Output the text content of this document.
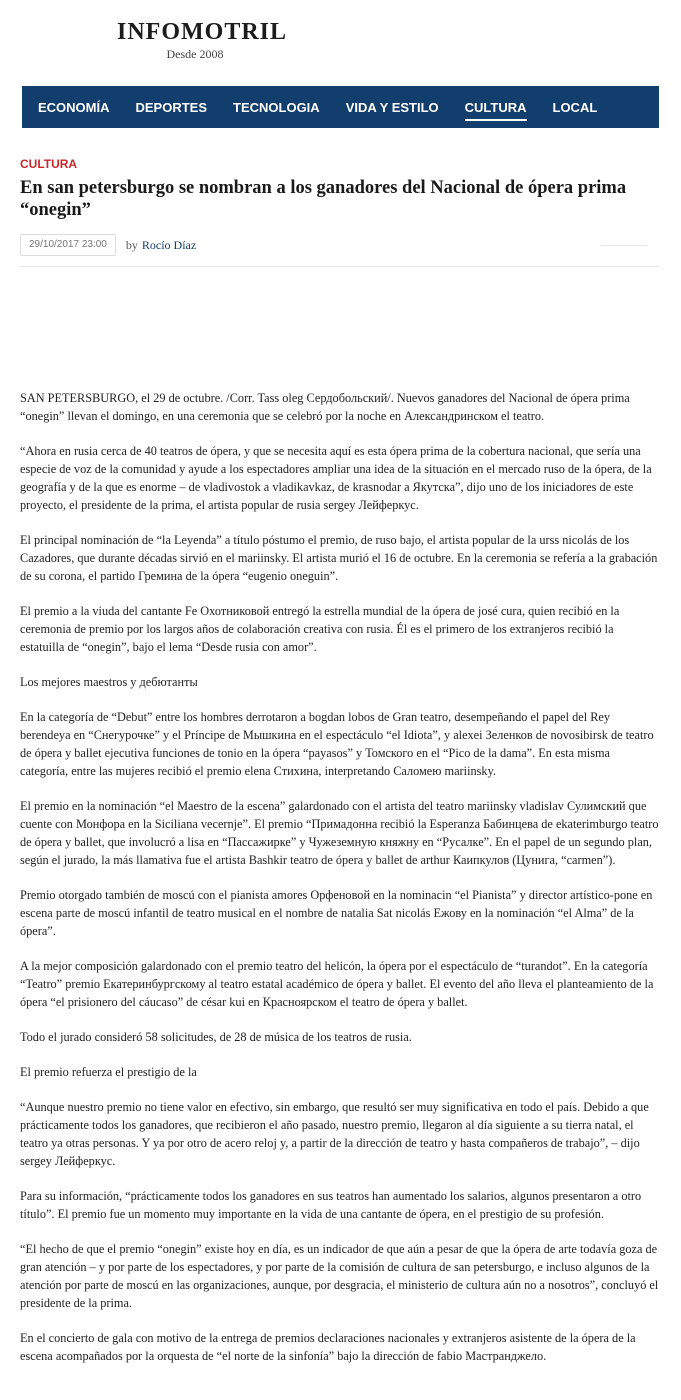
INFOMOTRIL
Desde 2008
ECONOMÍA DEPORTES TECNOLOGIA VIDA Y ESTILO CULTURA LOCAL
CULTURA
En san petersburgo se nombran a los ganadores del Nacional de ópera prima “onegin”
29/10/2017 23:00	by Rocío Díaz

SAN PETERSBURGO, el 29 de octubre. /Corr. Tass oleg Сердобольский/. Nuevos ganadores del Nacional de ópera prima “onegin” llevan el domingo, en una ceremonia que se celebró por la noche en Александринском el teatro.

“Ahora en rusia cerca de 40 teatros de ópera, y que se necesita aquí es esta ópera prima de la cobertura nacional, que sería una especie de voz de la comunidad y ayude a los espectadores ampliar una idea de la situación en el mercado ruso de la ópera, de la geografía y de la que es enorme – de vladivostok a vladikavkaz, de krasnodar a Якутска”, dijo uno de los iniciadores de este proyecto, el presidente de la prima, el artista popular de rusia sergey Лейферкус.

El principal nominación de “la Leyenda” a título póstumo el premio, de ruso bajo, el artista popular de la urss nicolás de los Cazadores, que durante décadas sirvió en el mariinsky. El artista murió el 16 de octubre. En la ceremonia se refería a la grabación de su corona, el partido Гремина de la ópera “eugenio oneguin”.

El premio a la viuda del cantante Fe Охотниковой entregó la estrella mundial de la ópera de josé cura, quien recibió en la ceremonia de premio por los largos años de colaboración creativa con rusia. Él es el primero de los extranjeros recibió la estatuilla de “onegin”, bajo el lema “Desde rusia con amor”.

Los mejores maestros y дебютанты

En la categoría de “Debut” entre los hombres derrotaron a bogdan lobos de Gran teatro, desempeñando el papel del Rey berendeya en “Снегурочке” y el Príncipe de Мышкина en el espectáculo “el Idiota”, y alexei Зеленков de novosibirsk de teatro de ópera y ballet ejecutiva funciones de tonio en la ópera “payasos” y Томского en el “Pico de la dama”. En esta misma categoría, entre las mujeres recibió el premio elena Стихина, interpretando Саломею mariinsky.

El premio en la nominación “el Maestro de la escena” galardonado con el artista del teatro mariinsky vladislav Сулимский que cuente con Монфора en la Siciliana vecernje”. El premio “Примадонна recibió la Esperanza Бабинцева de ekaterimburgo teatro de ópera y ballet, que involucró a lisa en “Пассажирке” y Чужеземную княжну en “Русалке”. En el papel de un segundo plan, según el jurado, la más llamativa fue el artista Bashkir teatro de ópera y ballet de arthur Каипкулов (Цунига, “carmen”).

Premio otorgado también de moscú con el pianista amores Орфеновой en la nominacin “el Pianista” y director artístico-pone en escena parte de moscú infantil de teatro musical en el nombre de natalia Sat nicolás Ежову en la nominación “el Alma” de la ópera”.

A la mejor composición galardonado con el premio teatro del helicón, la ópera por el espectáculo de “turandot”. En la categoría “Teatro” premio Екатеринбургскому al teatro estatal académico de ópera y ballet. El evento del año lleva el planteamiento de la ópera “el prisionero del cáucaso” de césar kui en Красноярском el teatro de ópera y ballet.

Todo el jurado consideró 58 solicitudes, de 28 de música de los teatros de rusia.

El premio refuerza el prestigio de la

“Aunque nuestro premio no tiene valor en efectivo, sin embargo, que resultó ser muy significativa en todo el país. Debido a que prácticamente todos los ganadores, que recibieron el año pasado, nuestro premio, llegaron al día siguiente a su tierra natal, el teatro ya otras personas. Y ya por otro de acero reloj y, a partir de la dirección de teatro y hasta compañeros de trabajo”, – dijo sergey Лейферкус.

Para su información, “prácticamente todos los ganadores en sus teatros han aumentado los salarios, algunos presentaron a otro título”. El premio fue un momento muy importante en la vida de una cantante de ópera, en el prestigio de su profesión.

“El hecho de que el premio “onegin” existe hoy en día, es un indicador de que aún a pesar de que la ópera de arte todavía goza de gran atención – y por parte de los espectadores, y por parte de la comisión de cultura de san petersburgo, e incluso algunos de la atención por parte de moscú en las organizaciones, aunque, por desgracia, el ministerio de cultura aún no a nosotros”, concluyó el presidente de la prima.

En el concierto de gala con motivo de la entrega de premios declaraciones nacionales y extranjeros asistente de la ópera de la escena acompañados por la orquesta de “el norte de la sinfonía” bajo la dirección de fabio Мастранджело.
